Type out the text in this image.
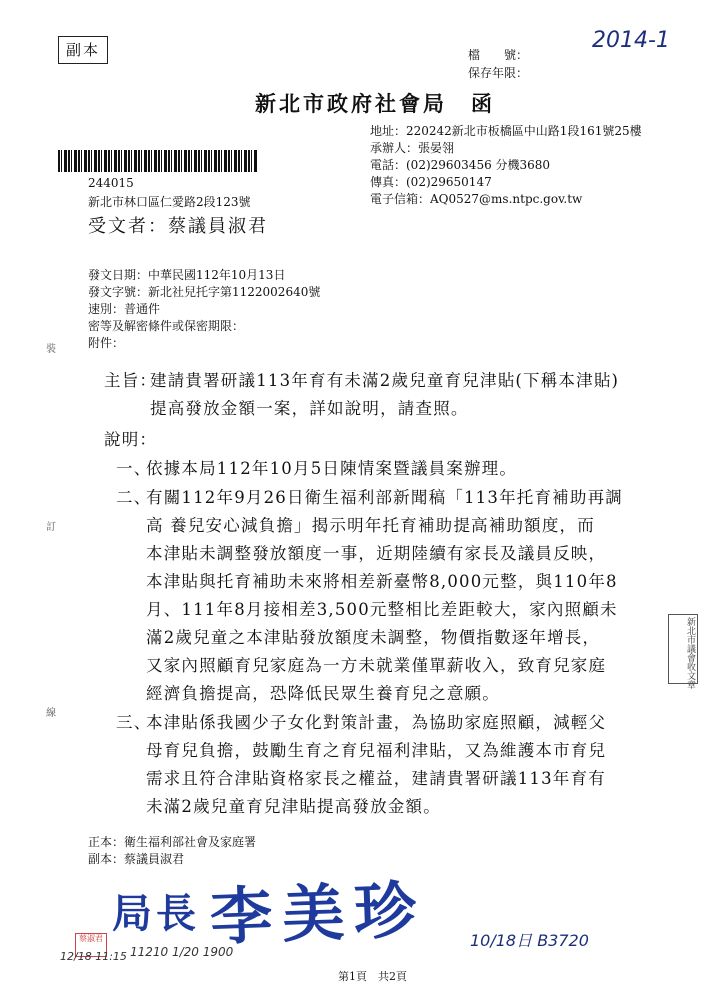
副本	2014-1
檔　　號：
保存年限：
新北市政府社會局　函
地址：220242新北市板橋區中山路1段161號25樓
承辦人：張晏翎
電話：(02)29603456 分機3680
傳真：(02)29650147
電子信箱：AQ0527@ms.ntpc.gov.tw
244015
新北市林口區仁愛路2段123號
受文者：蔡議員淑君
發文日期：中華民國112年10月13日
發文字號：新北社兒托字第1122002640號
速別：普通件
密等及解密條件或保密期限：
附件：
裝
訂
線
主旨：
建請貴署研議113年育有未滿2歲兒童育兒津貼(下稱本津貼)
提高發放金額一案，詳如說明，請查照。
說明：
一、
依據本局112年10月5日陳情案暨議員案辦理。
二、
有關112年9月26日衛生福利部新聞稿「113年托育補助再調
高 養兒安心減負擔」揭示明年托育補助提高補助額度，而
本津貼未調整發放額度一事，近期陸續有家長及議員反映，
本津貼與托育補助未來將相差新臺幣8,000元整，與110年8
月、111年8月接相差3,500元整相比差距較大，家內照顧未
滿2歲兒童之本津貼發放額度未調整，物價指數逐年增長，
又家內照顧育兒家庭為一方未就業僅單薪收入，致育兒家庭
經濟負擔提高，恐降低民眾生養育兒之意願。
三、
本津貼係我國少子女化對策計畫，為協助家庭照顧，減輕父
母育兒負擔，鼓勵生育之育兒福利津貼，又為維護本市育兒
需求且符合津貼資格家長之權益，建請貴署研議113年育有
未滿2歲兒童育兒津貼提高發放金額。
新北市議會收文章
正本：衛生福利部社會及家庭署
副本：蔡議員淑君
局長 李美珍
蔡淑君
12/18 11:15 11210 1/20 1900
10/18日 B3720
第1頁　共2頁
